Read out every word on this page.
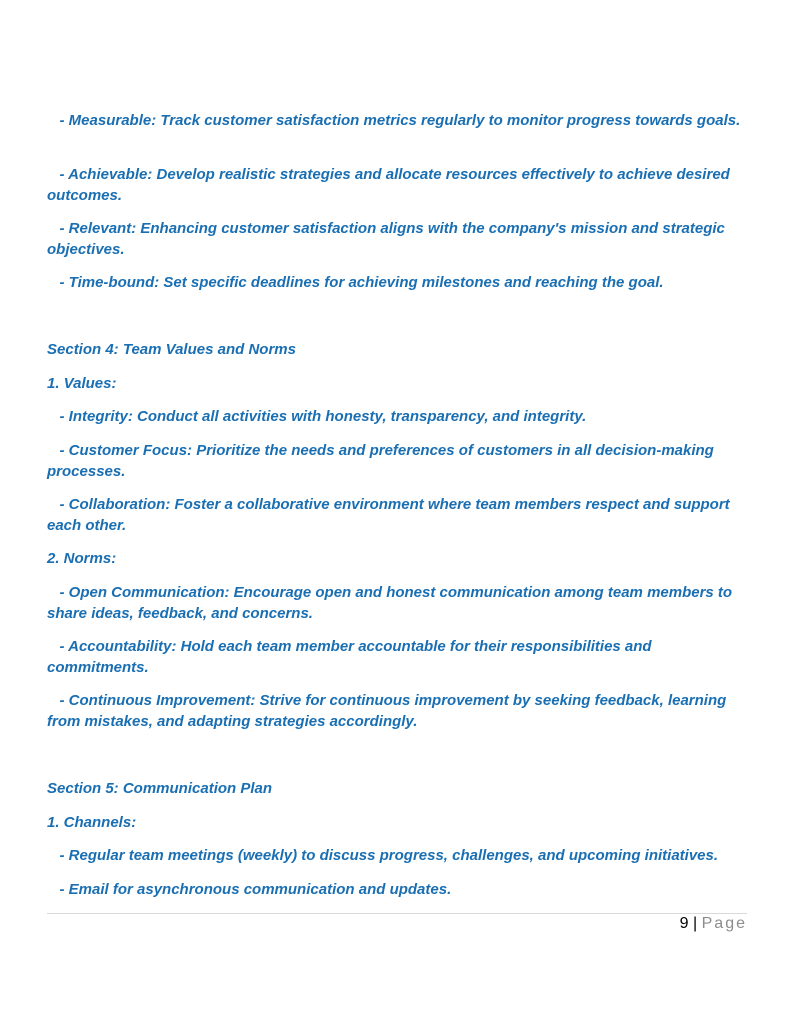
- Measurable: Track customer satisfaction metrics regularly to monitor progress towards goals.
- Achievable: Develop realistic strategies and allocate resources effectively to achieve desired outcomes.
- Relevant: Enhancing customer satisfaction aligns with the company's mission and strategic objectives.
- Time-bound: Set specific deadlines for achieving milestones and reaching the goal.
Section 4: Team Values and Norms
1. Values:
- Integrity: Conduct all activities with honesty, transparency, and integrity.
- Customer Focus: Prioritize the needs and preferences of customers in all decision-making processes.
- Collaboration: Foster a collaborative environment where team members respect and support each other.
2. Norms:
- Open Communication: Encourage open and honest communication among team members to share ideas, feedback, and concerns.
- Accountability: Hold each team member accountable for their responsibilities and commitments.
- Continuous Improvement: Strive for continuous improvement by seeking feedback, learning from mistakes, and adapting strategies accordingly.
Section 5: Communication Plan
1. Channels:
- Regular team meetings (weekly) to discuss progress, challenges, and upcoming initiatives.
- Email for asynchronous communication and updates.
9 | Page
